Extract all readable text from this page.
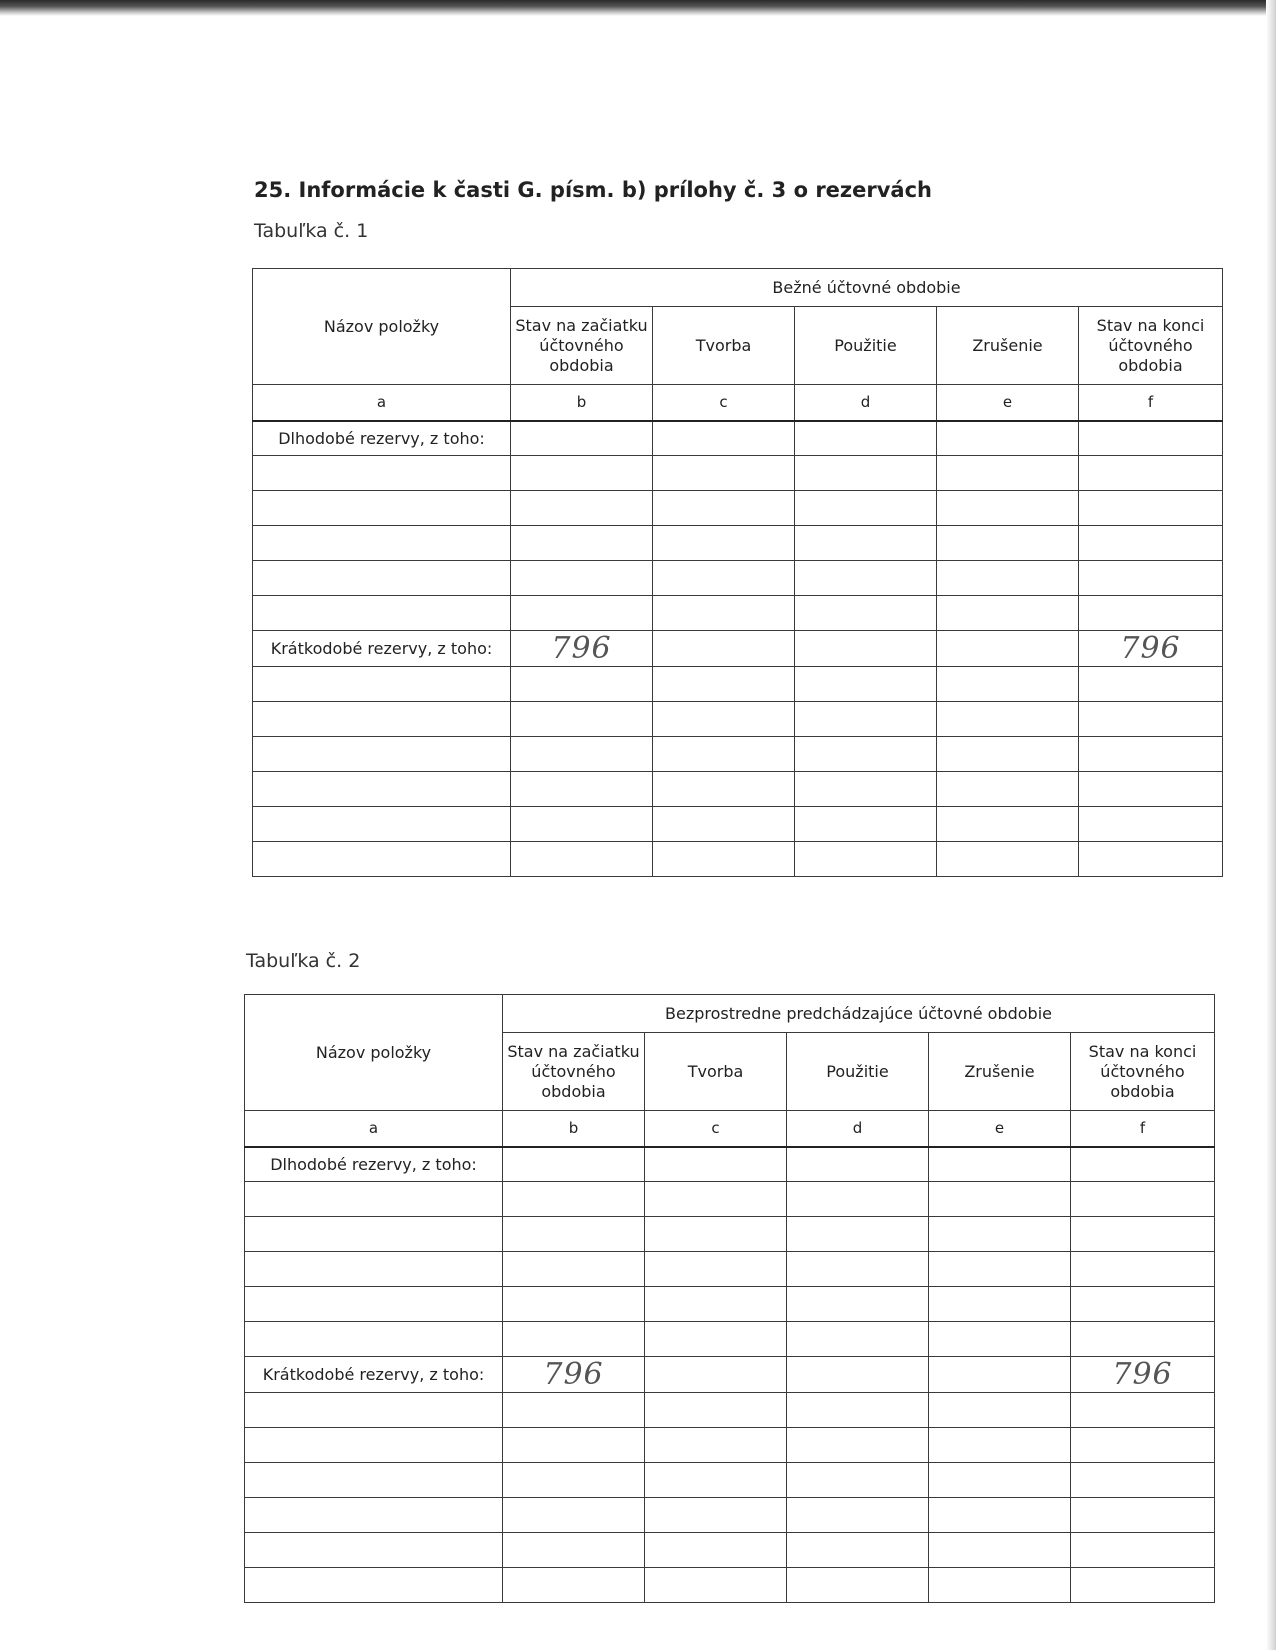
25. Informácie k časti G. písm. b) prílohy č. 3 o rezervách
Tabuľka č. 1
Názov položky	Bežné účtovné obdobie				
	Stav na začiatku účtovného obdobia	Tvorba	Použitie	Zrušenie	Stav na konci účtovného obdobia
a	b	c	d	e	f
Dlhodobé rezervy, z toho:					

Krátkodobé rezervy, z toho:	796				796

Tabuľka č. 2
Názov položky	Bezprostredne predchádzajúce účtovné obdobie				
	Stav na začiatku účtovného obdobia	Tvorba	Použitie	Zrušenie	Stav na konci účtovného obdobia
a	b	c	d	e	f
Dlhodobé rezervy, z toho:					

Krátkodobé rezervy, z toho:	796				796
